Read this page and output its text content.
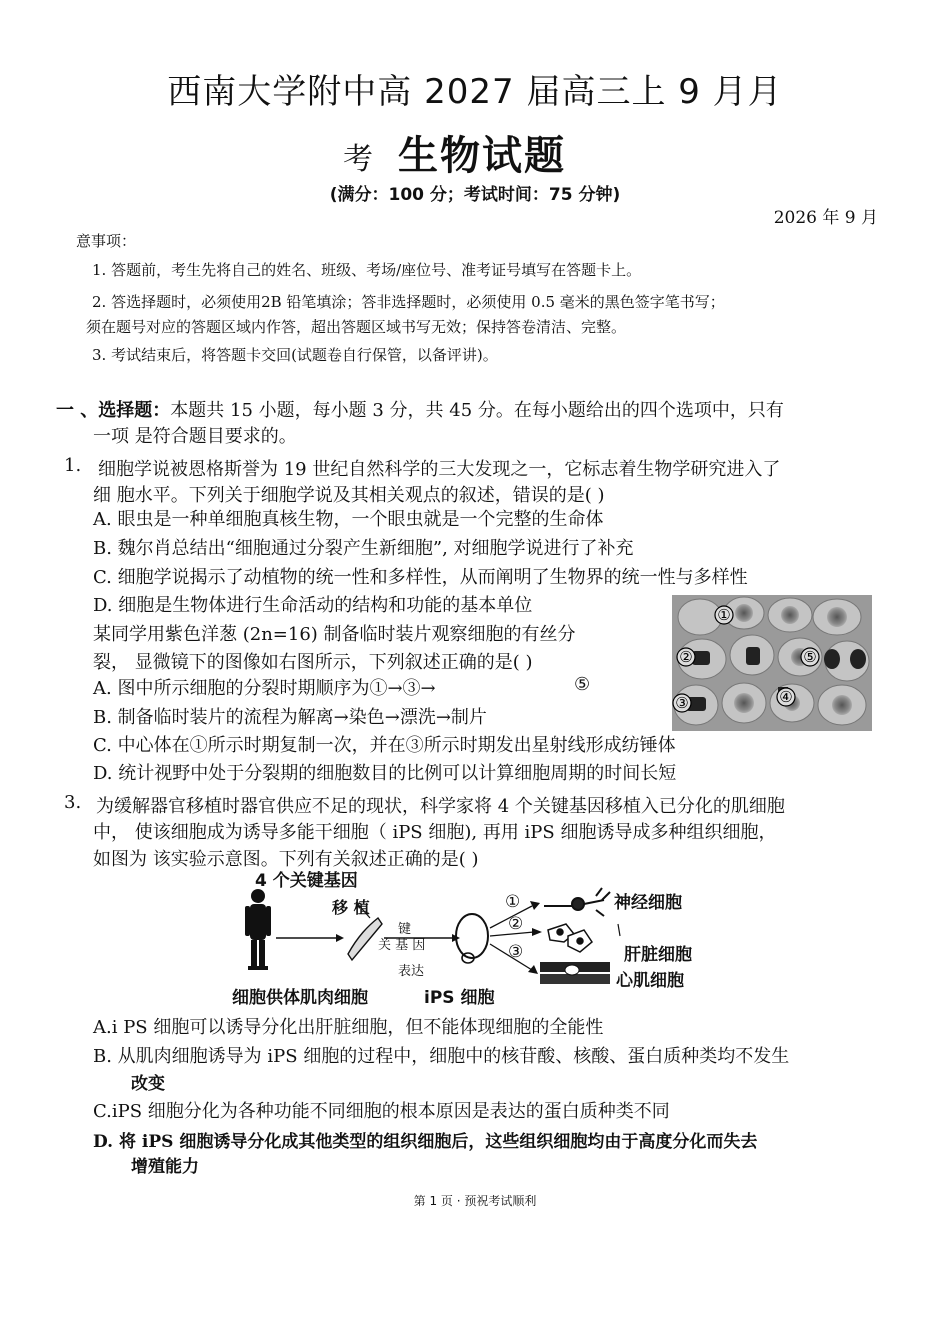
西南大学附中高 2027 届高三上 9 月月
考 生物试题
(满分：100 分；考试时间：75 分钟)
2026 年 9 月
意事项：
1. 答题前，考生先将自己的姓名、班级、考场/座位号、准考证号填写在答题卡上。
2. 答选择题时，必须使用2B 铅笔填涂；答非选择题时，必须使用 0.5 毫米的黑色签字笔书写；
须在题号对应的答题区域内作答，超出答题区域书写无效；保持答卷清洁、完整。
3. 考试结束后，将答题卡交回(试题卷自行保管，以备评讲)。
一 、选择题：本题共 15 小题，每小题 3 分，共 45 分。在每小题给出的四个选项中，只有
一项 是符合题目要求的。
1. 细胞学说被恩格斯誉为 19 世纪自然科学的三大发现之一，它标志着生物学研究进入了
细 胞水平。下列关于细胞学说及其相关观点的叙述，错误的是( )
A. 眼虫是一种单细胞真核生物，一个眼虫就是一个完整的生命体
B. 魏尔肖总结出“细胞通过分裂产生新细胞”, 对细胞学说进行了补充
C. 细胞学说揭示了动植物的统一性和多样性，从而阐明了生物界的统一性与多样性
D. 细胞是生物体进行生命活动的结构和功能的基本单位
某同学用紫色洋葱 (2n=16) 制备临时装片观察细胞的有丝分
裂， 显微镜下的图像如右图所示，下列叙述正确的是( )
A. 图中所示细胞的分裂时期顺序为①→③→	⑤
B. 制备临时装片的流程为解离→染色→漂洗→制片
C. 中心体在①所示时期复制一次，并在③所示时期发出星射线形成纺锤体
D. 统计视野中处于分裂期的细胞数目的比例可以计算细胞周期的时间长短
①
②
③	④
⑤
3. 为缓解器官移植时器官供应不足的现状，科学家将 4 个关键基因移植入已分化的肌细胞
中， 使该细胞成为诱导多能干细胞（ iPS 细胞), 再用 iPS 细胞诱导成多种组织细胞，
如图为 该实验示意图。下列有关叙述正确的是( )
4 个关键基因
移 植
键
关 基 因
表达
①
②
③
神经细胞
肝脏细胞
心肌细胞
细胞供体肌肉细胞	iPS 细胞
A.i PS 细胞可以诱导分化出肝脏细胞，但不能体现细胞的全能性
B. 从肌肉细胞诱导为 iPS 细胞的过程中，细胞中的核苷酸、核酸、蛋白质种类均不发生
改变
C.iPS 细胞分化为各种功能不同细胞的根本原因是表达的蛋白质种类不同
D. 将 iPS 细胞诱导分化成其他类型的组织细胞后，这些组织细胞均由于高度分化而失去
增殖能力
第 1 页 · 预祝考试顺利
